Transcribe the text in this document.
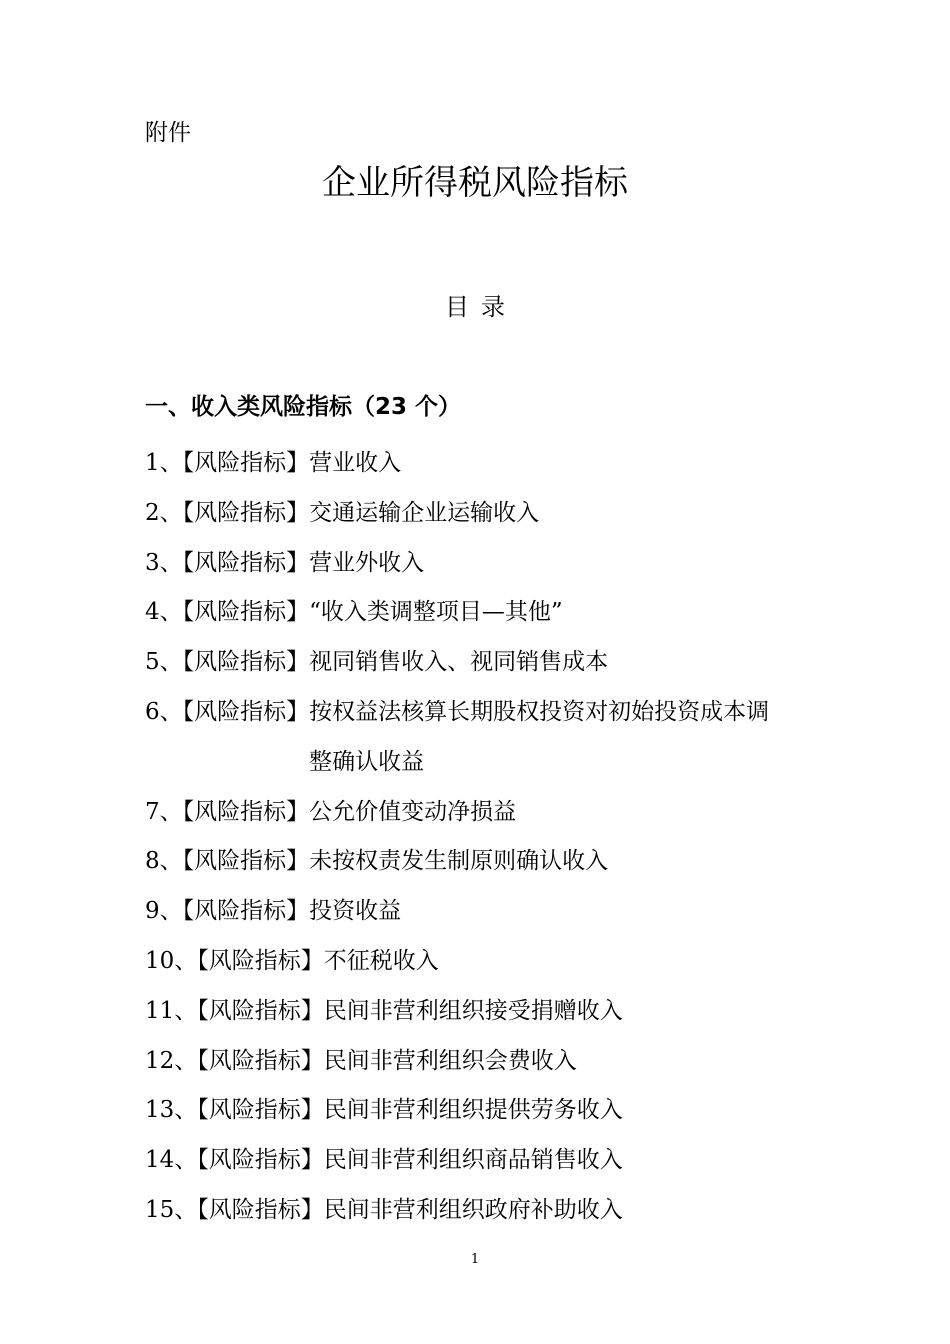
附件
企业所得税风险指标
目录
一、收入类风险指标（23 个）
1、【风险指标】 营业收入
2、【风险指标】 交通运输企业运输收入
3、【风险指标】 营业外收入
4、【风险指标】 “收入类调整项目—其他”
5、【风险指标】 视同销售收入、视同销售成本
6、【风险指标】 按权益法核算长期股权投资对初始投资成本调整确认收益
7、【风险指标】 公允价值变动净损益
8、【风险指标】 未按权责发生制原则确认收入
9、【风险指标】 投资收益
10、【风险指标】 不征税收入
11、【风险指标】 民间非营利组织接受捐赠收入
12、【风险指标】 民间非营利组织会费收入
13、【风险指标】 民间非营利组织提供劳务收入
14、【风险指标】 民间非营利组织商品销售收入
15、【风险指标】 民间非营利组织政府补助收入
1
